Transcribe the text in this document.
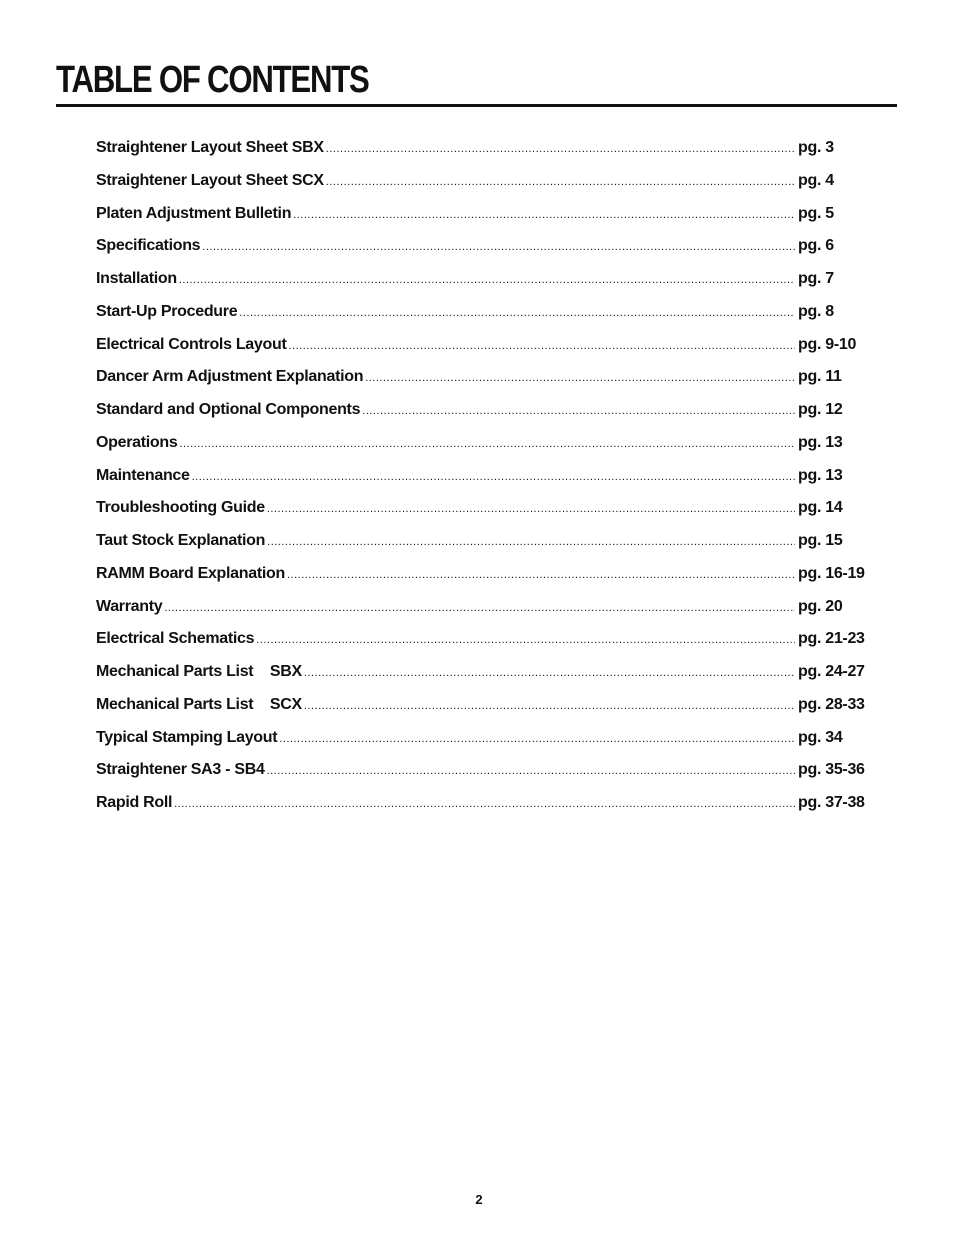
TABLE OF CONTENTS
Straightener Layout Sheet SBX .....	pg. 3
Straightener Layout Sheet SCX .....	pg. 4
Platen Adjustment Bulletin .....	pg. 5
Specifications .....	pg. 6
Installation .....	pg. 7
Start-Up Procedure .....	pg. 8
Electrical Controls Layout .....	pg. 9-10
Dancer Arm Adjustment Explanation .....	pg. 11
Standard and Optional Components .....	pg. 12
Operations .....	pg. 13
Maintenance .....	pg. 13
Troubleshooting Guide .....	pg. 14
Taut Stock Explanation .....	pg. 15
RAMM Board Explanation .....	pg. 16-19
Warranty .....	pg. 20
Electrical Schematics .....	pg. 21-23
Mechanical Parts List    SBX .....	pg. 24-27
Mechanical Parts List    SCX .....	pg. 28-33
Typical Stamping Layout .....	pg. 34
Straightener SA3 - SB4 .....	pg. 35-36
Rapid Roll .....	pg. 37-38
2
